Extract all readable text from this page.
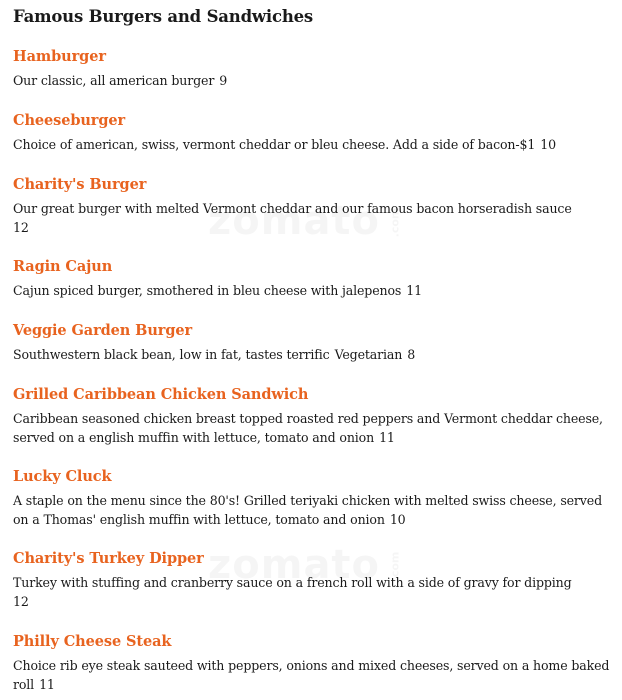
Famous Burgers and Sandwiches
Hamburger
Our classic, all american burger 9
Cheeseburger
Choice of american, swiss, vermont cheddar or bleu cheese. Add a side of bacon-$1 10
Charity's Burger
Our great burger with melted Vermont cheddar and our famous bacon horseradish sauce
12
Ragin Cajun
Cajun spiced burger, smothered in bleu cheese with jalepenos 11
Veggie Garden Burger
Southwestern black bean, low in fat, tastes terrific Vegetarian 8
Grilled Caribbean Chicken Sandwich
Caribbean seasoned chicken breast topped roasted red peppers and Vermont cheddar cheese, served on a english muffin with lettuce, tomato and onion 11
Lucky Cluck
A staple on the menu since the 80's! Grilled teriyaki chicken with melted swiss cheese, served on a Thomas' english muffin with lettuce, tomato and onion 10
Charity's Turkey Dipper
Turkey with stuffing and cranberry sauce on a french roll with a side of gravy for dipping
12
Philly Cheese Steak
Choice rib eye steak sauteed with peppers, onions and mixed cheeses, served on a home baked roll 11
